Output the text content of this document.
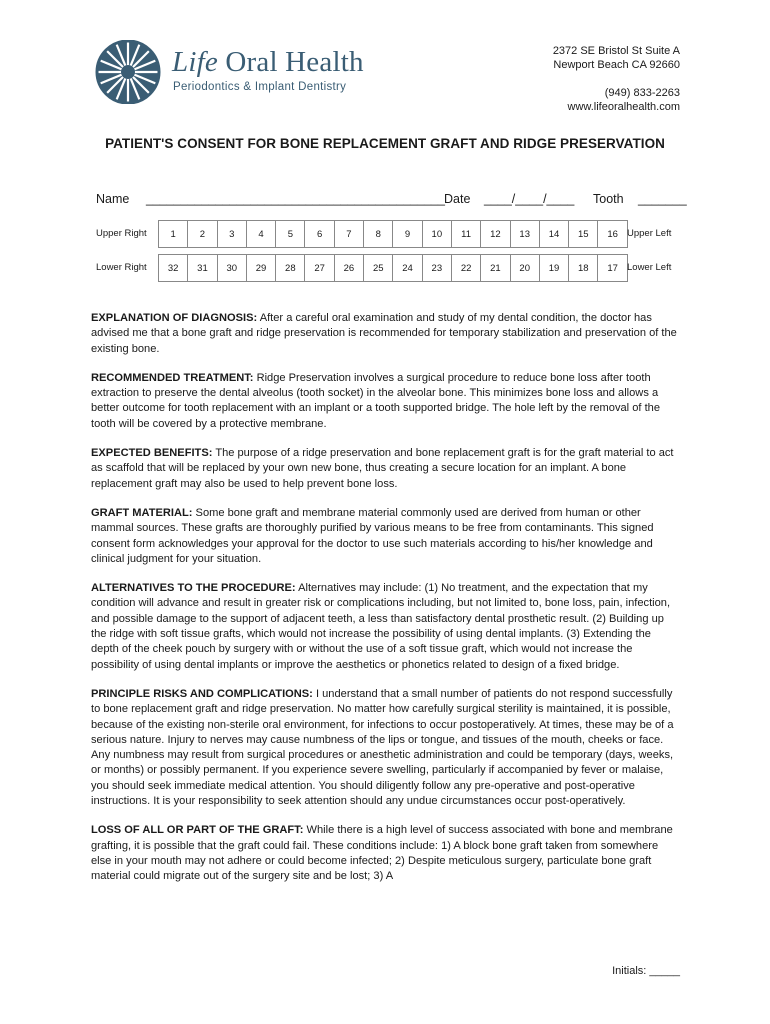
Life Oral Health
Periodontics & Implant Dentistry
2372 SE Bristol St Suite A
Newport Beach CA 92660
(949) 833-2263
www.lifeoralhealth.com
PATIENT'S CONSENT FOR BONE REPLACEMENT GRAFT AND RIDGE PRESERVATION
Name ___________________________________________ Date ____/____/____ Tooth _______
Upper Right	1	2	3	4	5	6	7	8	9	10	11	12	13	14	15	16 Upper Left
Lower Right	32	31	30	29	28	27	26	25	24	23	22	21	20	19	18	17 Lower Left

EXPLANATION OF DIAGNOSIS: After a careful oral examination and study of my dental condition, the doctor has advised me that a bone graft and ridge preservation is recommended for temporary stabilization and preservation of the existing bone.

RECOMMENDED TREATMENT: Ridge Preservation involves a surgical procedure to reduce bone loss after tooth extraction to preserve the dental alveolus (tooth socket) in the alveolar bone. This minimizes bone loss and allows a better outcome for tooth replacement with an implant or a tooth supported bridge. The hole left by the removal of the tooth will be covered by a protective membrane.

EXPECTED BENEFITS: The purpose of a ridge preservation and bone replacement graft is for the graft material to act as scaffold that will be replaced by your own new bone, thus creating a secure location for an implant. A bone replacement graft may also be used to help prevent bone loss.

GRAFT MATERIAL: Some bone graft and membrane material commonly used are derived from human or other mammal sources. These grafts are thoroughly purified by various means to be free from contaminants. This signed consent form acknowledges your approval for the doctor to use such materials according to his/her knowledge and clinical judgment for your situation.

ALTERNATIVES TO THE PROCEDURE: Alternatives may include: (1) No treatment, and the expectation that my condition will advance and result in greater risk or complications including, but not limited to, bone loss, pain, infection, and possible damage to the support of adjacent teeth, a less than satisfactory dental prosthetic result. (2) Building up the ridge with soft tissue grafts, which would not increase the possibility of using dental implants. (3) Extending the depth of the cheek pouch by surgery with or without the use of a soft tissue graft, which would not increase the possibility of using dental implants or improve the aesthetics or phonetics related to design of a fixed bridge.

PRINCIPLE RISKS AND COMPLICATIONS: I understand that a small number of patients do not respond successfully to bone replacement graft and ridge preservation. No matter how carefully surgical sterility is maintained, it is possible, because of the existing non-sterile oral environment, for infections to occur postoperatively. At times, these may be of a serious nature. Injury to nerves may cause numbness of the lips or tongue, and tissues of the mouth, cheeks or face. Any numbness may result from surgical procedures or anesthetic administration and could be temporary (days, weeks, or months) or possibly permanent. If you experience severe swelling, particularly if accompanied by fever or malaise, you should seek immediate medical attention. You should diligently follow any pre-operative and post-operative instructions. It is your responsibility to seek attention should any undue circumstances occur post-operatively.

LOSS OF ALL OR PART OF THE GRAFT: While there is a high level of success associated with bone and membrane grafting, it is possible that the graft could fail. These conditions include: 1) A block bone graft taken from somewhere else in your mouth may not adhere or could become infected; 2) Despite meticulous surgery, particulate bone graft material could migrate out of the surgery site and be lost; 3) A

Initials: _____
